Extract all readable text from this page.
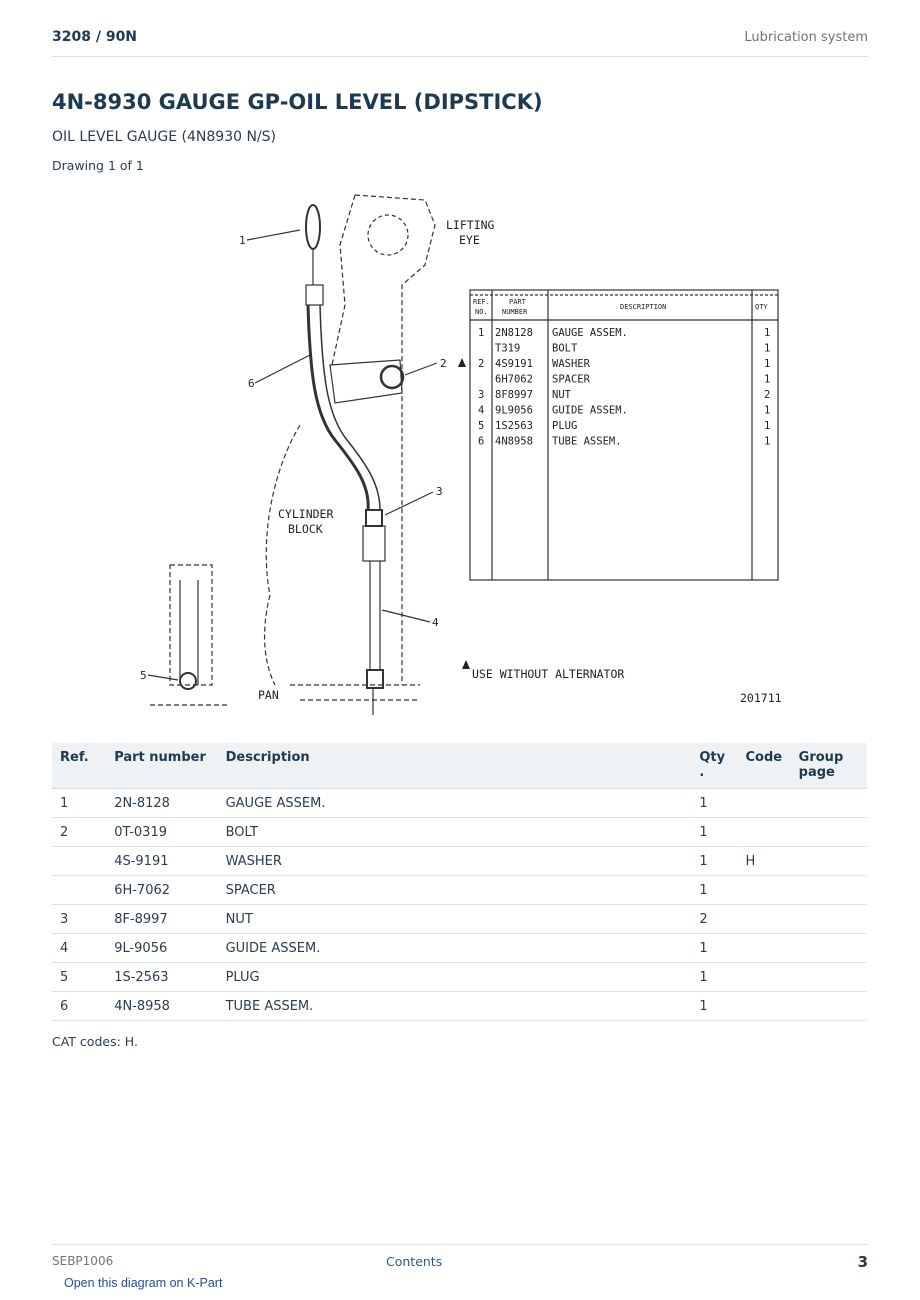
3208 / 90N	Lubrication system
4N-8930 GAUGE GP-OIL LEVEL (DIPSTICK)
OIL LEVEL GAUGE (4N8930 N/S)
Drawing 1 of 1
LIFTING
EYE
CYLINDER
BLOCK
PAN
USE WITHOUT ALTERNATOR
201711
1
2
3
4
5
6
REF.
NO.
PART
NUMBER
DESCRIPTION	QTY
1 2N8128 GAUGE ASSEM.	1
T319	BOLT	1
2 4S9191 WASHER	1
6H7062 SPACER	1
3 8F8997 NUT	2
4 9L9056 GUIDE ASSEM.	1
5 1S2563 PLUG	1
6 4N8958 TUBE ASSEM.	1
Ref.	Part number	Description	Qty .	Code	Group page
1	2N-8128	GAUGE ASSEM.	1		
2	0T-0319	BOLT	1		
	4S-9191	WASHER	1	H	
	6H-7062	SPACER	1		
3	8F-8997	NUT	2		
4	9L-9056	GUIDE ASSEM.	1		
5	1S-2563	PLUG	1		
6	4N-8958	TUBE ASSEM.	1		
CAT codes: H.
SEBP1006	Contents	3
Open this diagram on K-Part
